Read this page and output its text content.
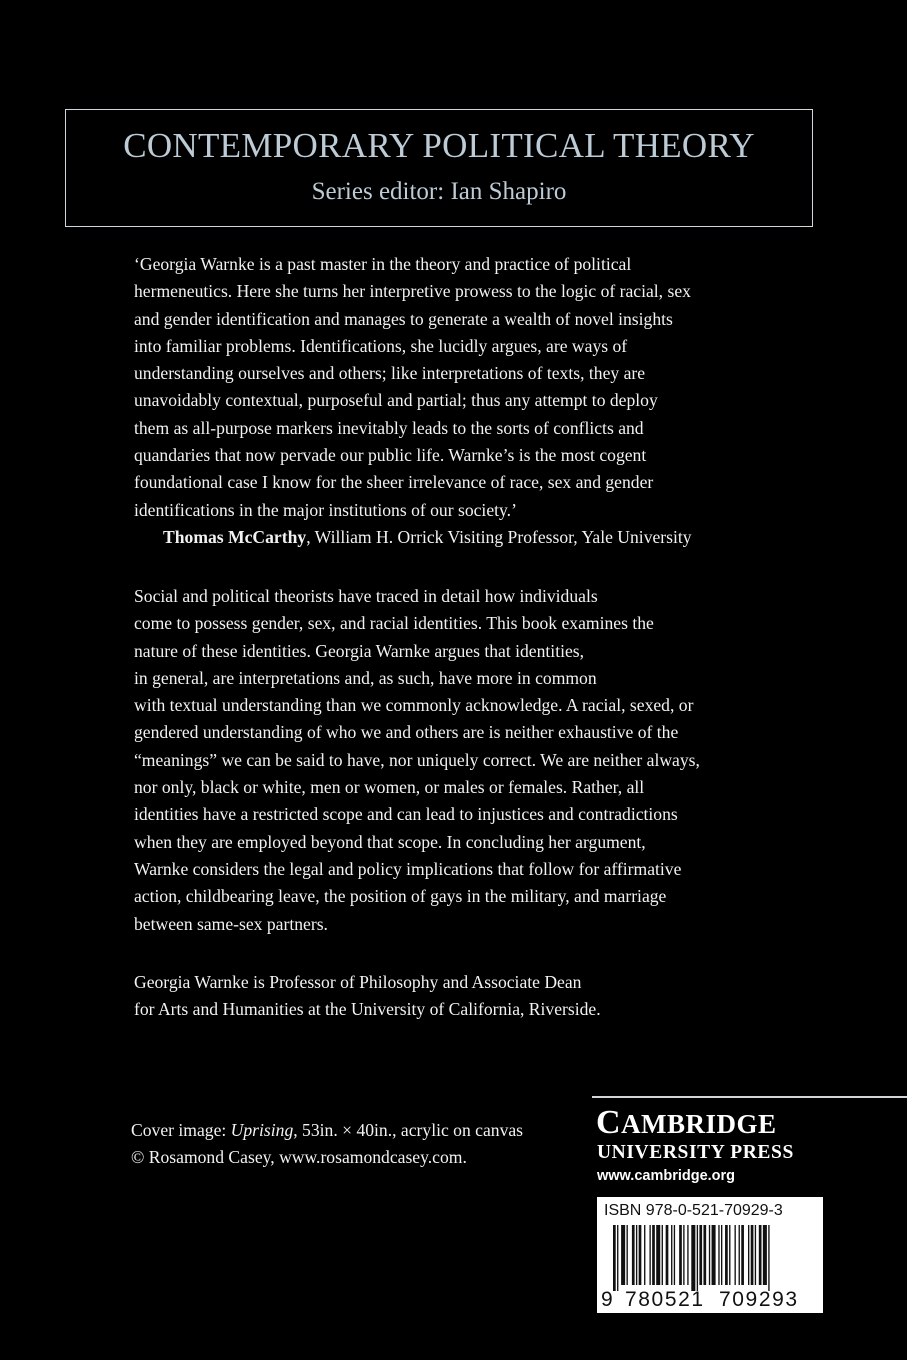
CONTEMPORARY POLITICAL THEORY
Series editor: Ian Shapiro
‘Georgia Warnke is a past master in the theory and practice of political
hermeneutics. Here she turns her interpretive prowess to the logic of racial, sex
and gender identification and manages to generate a wealth of novel insights
into familiar problems. Identifications, she lucidly argues, are ways of
understanding ourselves and others; like interpretations of texts, they are
unavoidably contextual, purposeful and partial; thus any attempt to deploy
them as all-purpose markers inevitably leads to the sorts of conflicts and
quandaries that now pervade our public life. Warnke’s is the most cogent
foundational case I know for the sheer irrelevance of race, sex and gender
identifications in the major institutions of our society.’
Thomas McCarthy, William H. Orrick Visiting Professor, Yale University
Social and political theorists have traced in detail how individuals
come to possess gender, sex, and racial identities. This book examines the
nature of these identities. Georgia Warnke argues that identities,
in general, are interpretations and, as such, have more in common
with textual understanding than we commonly acknowledge. A racial, sexed, or
gendered understanding of who we and others are is neither exhaustive of the
“meanings” we can be said to have, nor uniquely correct. We are neither always,
nor only, black or white, men or women, or males or females. Rather, all
identities have a restricted scope and can lead to injustices and contradictions
when they are employed beyond that scope. In concluding her argument,
Warnke considers the legal and policy implications that follow for affirmative
action, childbearing leave, the position of gays in the military, and marriage
between same-sex partners.
Georgia Warnke is Professor of Philosophy and Associate Dean
for Arts and Humanities at the University of California, Riverside.
Cover image: Uprising, 53in. × 40in., acrylic on canvas
© Rosamond Casey, www.rosamondcasey.com.
CAMBRIDGE
UNIVERSITY PRESS
www.cambridge.org
ISBN 978-0-521-70929-3
9 780521 709293
